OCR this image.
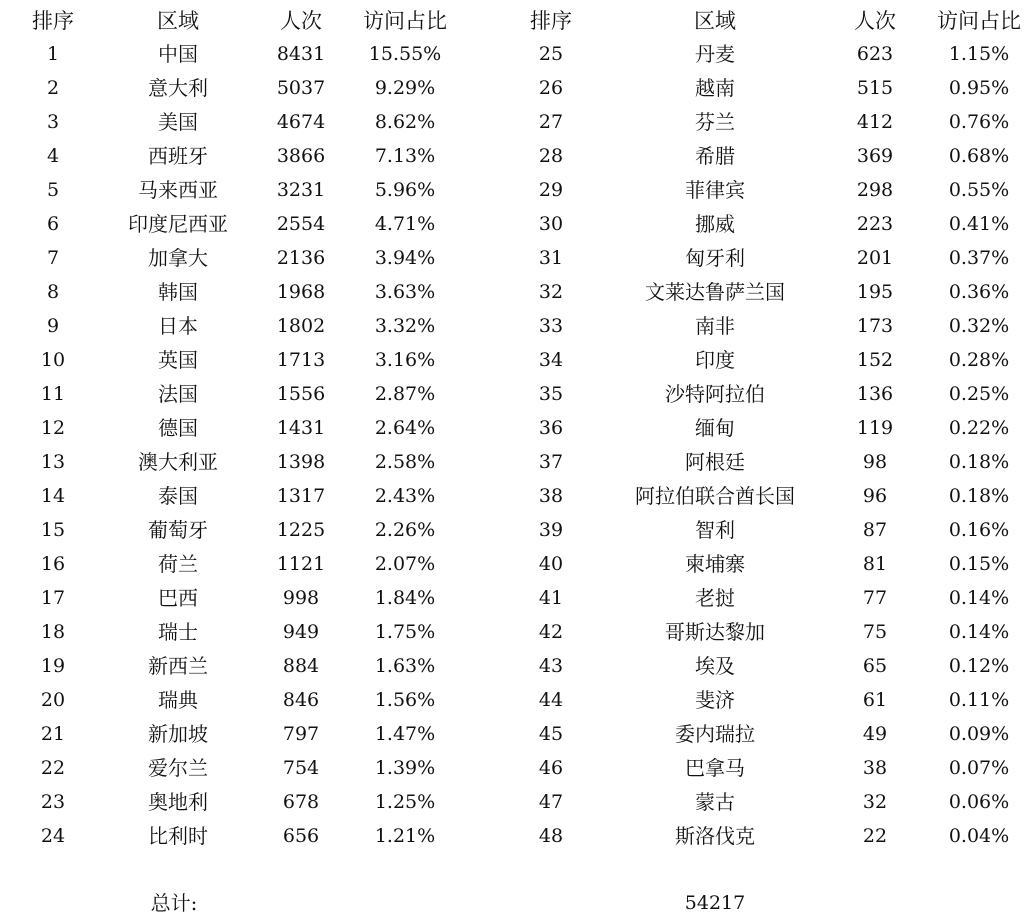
排序	区域	人次 访问占比	排序	区域	人次 访问占比
1	中国	8431 15.55%	25	丹麦	623	1.15%
2	意大利	5037	9.29%	26	越南	515	0.95%
3	美国	4674	8.62%	27	芬兰	412	0.76%
4	西班牙	3866	7.13%	28	希腊	369	0.68%
5	马来西亚	3231	5.96%	29	菲律宾	298	0.55%
6	印度尼西亚	2554	4.71%	30	挪威	223	0.41%
7	加拿大	2136	3.94%	31	匈牙利	201	0.37%
8	韩国	1968	3.63%	32	文莱达鲁萨兰国	195	0.36%
9	日本	1802	3.32%	33	南非	173	0.32%
10	英国	1713	3.16%	34	印度	152	0.28%
11	法国	1556	2.87%	35	沙特阿拉伯	136	0.25%
12	德国	1431	2.64%	36	缅甸	119	0.22%
13	澳大利亚	1398	2.58%	37	阿根廷	98	0.18%
14	泰国	1317	2.43%	38	阿拉伯联合酋长国	96	0.18%
15	葡萄牙	1225	2.26%	39	智利	87	0.16%
16	荷兰	1121	2.07%	40	柬埔寨	81	0.15%
17	巴西	998	1.84%	41	老挝	77	0.14%
18	瑞士	949	1.75%	42	哥斯达黎加	75	0.14%
19	新西兰	884	1.63%	43	埃及	65	0.12%
20	瑞典	846	1.56%	44	斐济	61	0.11%
21	新加坡	797	1.47%	45	委内瑞拉	49	0.09%
22	爱尔兰	754	1.39%	46	巴拿马	38	0.07%
23	奥地利	678	1.25%	47	蒙古	32	0.06%
24	比利时	656	1.21%	48	斯洛伐克	22	0.04%
总计:	54217
